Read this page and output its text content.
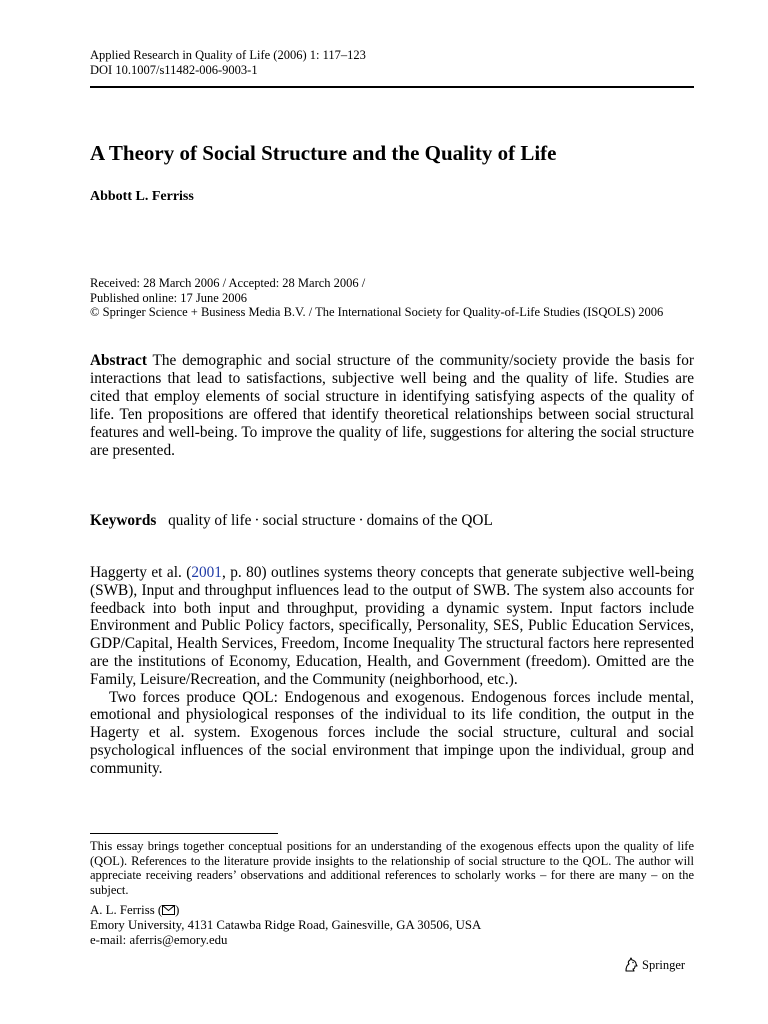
Applied Research in Quality of Life (2006) 1: 117–123
DOI 10.1007/s11482-006-9003-1
A Theory of Social Structure and the Quality of Life
Abbott L. Ferriss
Received: 28 March 2006 / Accepted: 28 March 2006 /
Published online: 17 June 2006
© Springer Science + Business Media B.V. / The International Society for Quality-of-Life Studies (ISQOLS) 2006

Abstract The demographic and social structure of the community/society provide the basis for interactions that lead to satisfactions, subjective well being and the quality of life. Studies are cited that employ elements of social structure in identifying satisfying aspects of the quality of life. Ten propositions are offered that identify theoretical relationships between social structural features and well-being. To improve the quality of life, suggestions for altering the social structure are presented.

Keywords quality of life · social structure · domains of the QOL

Haggerty et al. (2001, p. 80) outlines systems theory concepts that generate subjective well-being (SWB), Input and throughput influences lead to the output of SWB. The system also accounts for feedback into both input and throughput, providing a dynamic system. Input factors include Environment and Public Policy factors, specifically, Personality, SES, Public Education Services, GDP/Capital, Health Services, Freedom, Income Inequality The structural factors here represented are the institutions of Economy, Education, Health, and Government (freedom). Omitted are the Family, Leisure/Recreation, and the Community (neighborhood, etc.).

Two forces produce QOL: Endogenous and exogenous. Endogenous forces include mental, emotional and physiological responses of the individual to its life condition, the output in the Hagerty et al. system. Exogenous forces include the social structure, cultural and social psychological influences of the social environment that impinge upon the individual, group and community.

This essay brings together conceptual positions for an understanding of the exogenous effects upon the quality of life (QOL). References to the literature provide insights to the relationship of social structure to the QOL. The author will appreciate receiving readers’ observations and additional references to scholarly works – for there are many – on the subject.

A. L. Ferriss ( )
Emory University, 4131 Catawba Ridge Road, Gainesville, GA 30506, USA
e-mail: aferris@emory.edu
Springer
